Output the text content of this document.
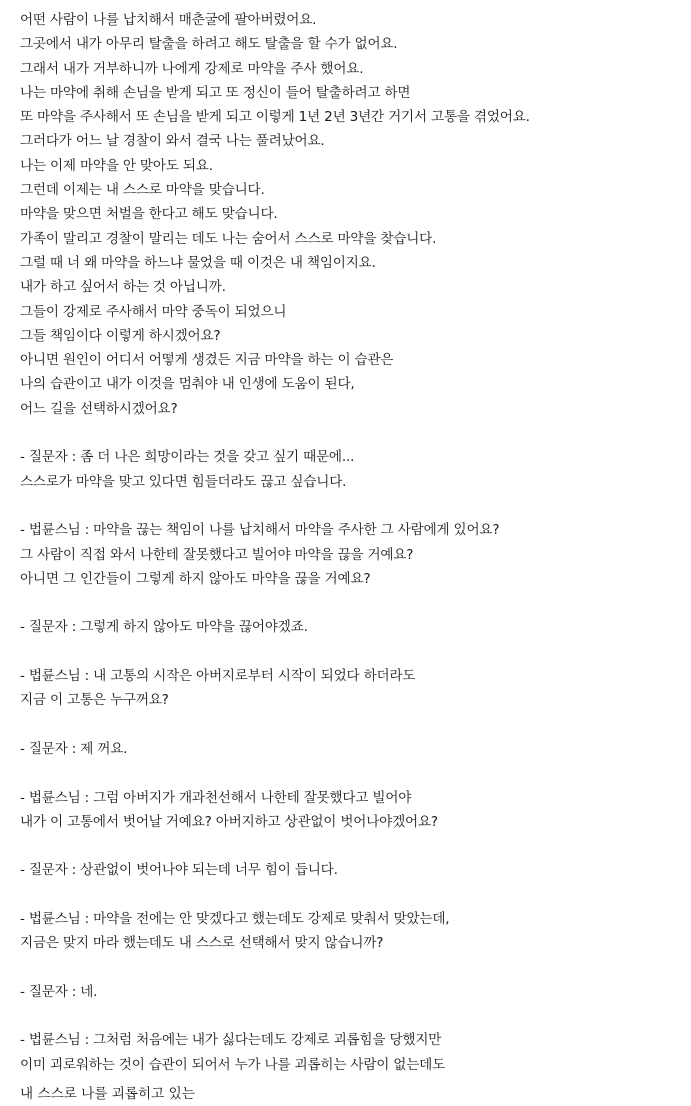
어떤 사람이 나를 납치해서 매춘굴에 팔아버렸어요.
그곳에서 내가 아무리 탈출을 하려고 해도 탈출을 할 수가 없어요.
그래서 내가 거부하니까 나에게 강제로 마약을 주사 했어요.
나는 마약에 취해 손님을 받게 되고 또 정신이 들어 탈출하려고 하면
또 마약을 주사해서 또 손님을 받게 되고 이렇게 1년 2년 3년간 거기서 고통을 겪었어요.
그러다가 어느 날 경찰이 와서 결국 나는 풀려났어요.
나는 이제 마약을 안 맞아도 되요.
그런데 이제는 내 스스로 마약을 맞습니다.
마약을 맞으면 처벌을 한다고 해도 맞습니다.
가족이 말리고 경찰이 말리는 데도 나는 숨어서 스스로 마약을 찾습니다.
그럴 때 너 왜 마약을 하느냐 물었을 때 이것은 내 책임이지요.
내가 하고 싶어서 하는 것 아닙니까.
그들이 강제로 주사해서 마약 중독이 되었으니
그들 책임이다 이렇게 하시겠어요?
아니면 원인이 어디서 어떻게 생겼든 지금 마약을 하는 이 습관은
나의 습관이고 내가 이것을 멈춰야 내 인생에 도움이 된다,
어느 길을 선택하시겠어요?
- 질문자 : 좀 더 나은 희망이라는 것을 갖고 싶기 때문에...
스스로가 마약을 맞고 있다면 힘들더라도 끊고 싶습니다.
- 법륜스님 : 마약을 끊는 책임이 나를 납치해서 마약을 주사한 그 사람에게 있어요?
그 사람이 직접 와서 나한테 잘못했다고 빌어야 마약을 끊을 거예요?
아니면 그 인간들이 그렇게 하지 않아도 마약을 끊을 거예요?
- 질문자 : 그렇게 하지 않아도 마약을 끊어야겠죠.
- 법륜스님 : 내 고통의 시작은 아버지로부터 시작이 되었다 하더라도
지금 이 고통은 누구꺼요?
- 질문자 : 제 꺼요.
- 법륜스님 : 그럼 아버지가 개과천선해서 나한테 잘못했다고 빌어야
내가 이 고통에서 벗어날 거예요? 아버지하고 상관없이 벗어나야겠어요?
- 질문자 : 상관없이 벗어나야 되는데 너무 힘이 듭니다.
- 법륜스님 : 마약을 전에는 안 맞겠다고 했는데도 강제로 맞춰서 맞았는데,
지금은 맞지 마라 했는데도 내 스스로 선택해서 맞지 않습니까?
- 질문자 : 네.
- 법륜스님 : 그처럼 처음에는 내가 싫다는데도 강제로 괴롭힘을 당했지만
이미 괴로워하는 것이 습관이 되어서 누가 나를 괴롭히는 사람이 없는데도
내 스스로 나를 괴롭히고 있는
